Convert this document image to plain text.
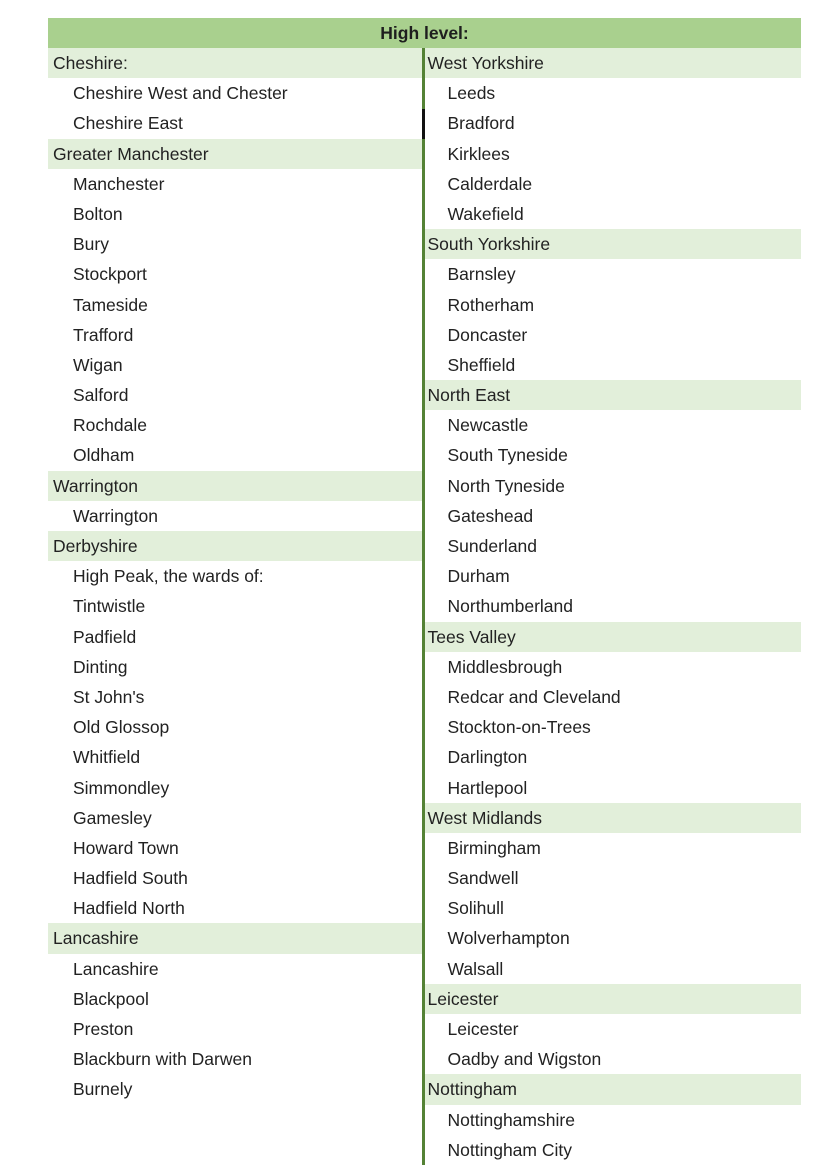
High level:
Cheshire:
Cheshire West and Chester
Cheshire East
Greater Manchester
Manchester
Bolton
Bury
Stockport
Tameside
Trafford
Wigan
Salford
Rochdale
Oldham
Warrington
Warrington
Derbyshire
High Peak, the wards of:
Tintwistle
Padfield
Dinting
St John's
Old Glossop
Whitfield
Simmondley
Gamesley
Howard Town
Hadfield South
Hadfield North
Lancashire
Lancashire
Blackpool
Preston
Blackburn with Darwen
Burnely
West Yorkshire
Leeds
Bradford
Kirklees
Calderdale
Wakefield
South Yorkshire
Barnsley
Rotherham
Doncaster
Sheffield
North East
Newcastle
South Tyneside
North Tyneside
Gateshead
Sunderland
Durham
Northumberland
Tees Valley
Middlesbrough
Redcar and Cleveland
Stockton-on-Trees
Darlington
Hartlepool
West Midlands
Birmingham
Sandwell
Solihull
Wolverhampton
Walsall
Leicester
Leicester
Oadby and Wigston
Nottingham
Nottinghamshire
Nottingham City
